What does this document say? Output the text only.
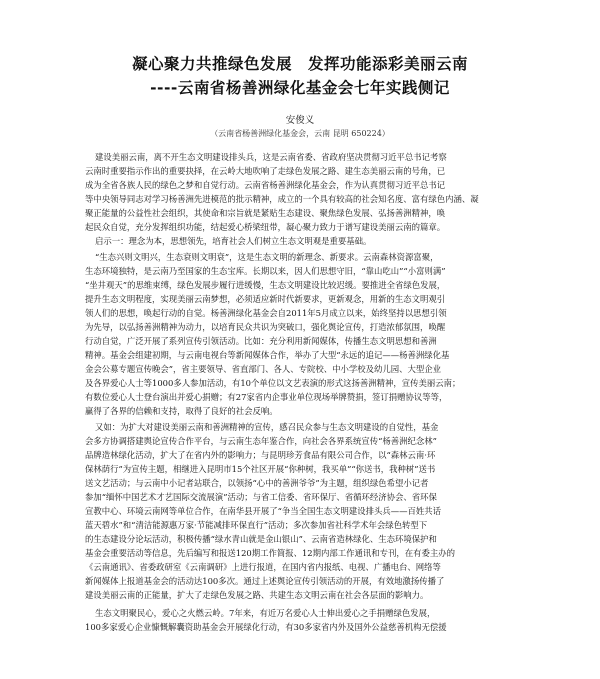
凝心聚力共推绿色发展　发挥功能添彩美丽云南
----云南省杨善洲绿化基金会七年实践侧记
安俊义
（云南省杨善洲绿化基金会，云南 昆明 650224）
建设美丽云南，离不开生态文明建设排头兵，这是云南省委、省政府坚决贯彻习近平总书记考察
云南时重要指示作出的重要抉择，在云岭大地吹响了走绿色发展之路、建生态美丽云南的号角，已
成为全省各族人民的绿色之梦和自觉行动。云南省杨善洲绿化基金会，作为认真贯彻习近平总书记
等中央领导同志对学习杨善洲先进模范的批示精神，成立的一个具有较高的社会知名度、富有绿色内涵、凝
聚正能量的公益性社会组织，其使命和宗旨就是紧贴生态建设、聚焦绿色发展、弘扬善洲精神，唤
起民众自觉，充分发挥组织功能，结起爱心桥梁纽带，凝心聚力致力于谱写建设美丽云南的篇章。
启示一：理念为本，思想领先，培育社会人们树立生态文明观是重要基础。
“生态兴则文明兴，生态衰则文明衰”，这是生态文明的新理念、新要求。云南森林资源富聚，
生态环境独特，是云南乃至国家的生态宝库。长期以来，因人们思想守旧，“靠山吃山”“小富则满”
“坐井观天”的思维束缚，绿色发展步履行进缓慢，生态文明建设比较迟缓。要推进全省绿色发展，
提升生态文明程度，实现美丽云南梦想，必须适应新时代新要求，更新观念，用新的生态文明观引
领人们的思想，唤起行动的自觉。杨善洲绿化基金会自2011年5月成立以来，始终坚持以思想引领
为先导，以弘扬善洲精神为动力，以培育民众共识为突破口，强化舆论宣传，打造浓郁氛围，唤醒
行动自觉，广泛开展了系列宣传引领活动。比如：充分利用新闻媒体，传播生态文明思想和善洲
精神。基金会组建初期，与云南电视台等新闻媒体合作，举办了大型“永远的追记——杨善洲绿化基
金会公募专题宣传晚会”，省主要领导、省直部门、各人、专院校、中小学校及幼儿园、大型企业
及各界爱心人士等1000多人参加活动，有10个单位以文艺表演的形式这扬善洲精神，宣传美丽云南；
有数位爱心人士登台演出并爱心捐赠；有27家省内企事业单位现场举牌赞捐，签订捐赠协议等等，
赢得了各界的信赖和支持，取得了良好的社会反响。
又如：为扩大对建设美丽云南和善洲精神的宣传，感召民众参与生态文明建设的自觉性，基金
会多方协调搭建舆论宣传合作平台，与云南生态年鉴合作，向社会各界系统宣传“杨善洲纪念林”
品牌造林绿化活动，扩大了在省内外的影响力；与昆明珍芳食品有限公司合作，以“森林云南·环
保林荫行”为宣传主题，相继进入昆明市15个社区开展“你种树，我买单”“你送书，我种树”送书
送文艺活动；与云南中小记者站联合，以领扬“心中的善洲爷爷”为主题，组织绿色希望小记者
参加“缅怀中国艺术才艺国际交流展演”活动；与省工信委、省环保厅、省循环经济协会、省环保
宣教中心、环境云南网等单位合作，在南华县开展了“争当全国生态文明建设排头兵——百姓共话
蓝天碧水”和“清洁能源惠万家·节能减排环保直行”活动；多次参加省社科学术年会绿色转型下
的生态建设分论坛活动，积极传播“绿水青山就是金山银山”、云南省造林绿化、生态环境保护和
基金会重要活动等信息，先后编写和报送120期工作简报、12期内部工作通讯和专刊，在有委主办的
《云南通讯》、省委政研室《云南调研》上进行报道，在国内省内报纸、电视、广播电台、网络等
新闻媒体上报道基金会的活动达100多次。通过上述舆论宣传引领活动的开展，有效地激扬传播了
建设美丽云南的正能量，扩大了走绿色发展之路、共建生态文明云南在社会各层面的影响力。
生态文明聚民心，爱心之火燃云岭。7年来，有近万名爱心人士伸出爱心之手捐赠绿色发展，
100多家爱心企业慷慨解囊资助基金会开展绿化行动，有30多家省内外及国外公益慈善机构无偿援
